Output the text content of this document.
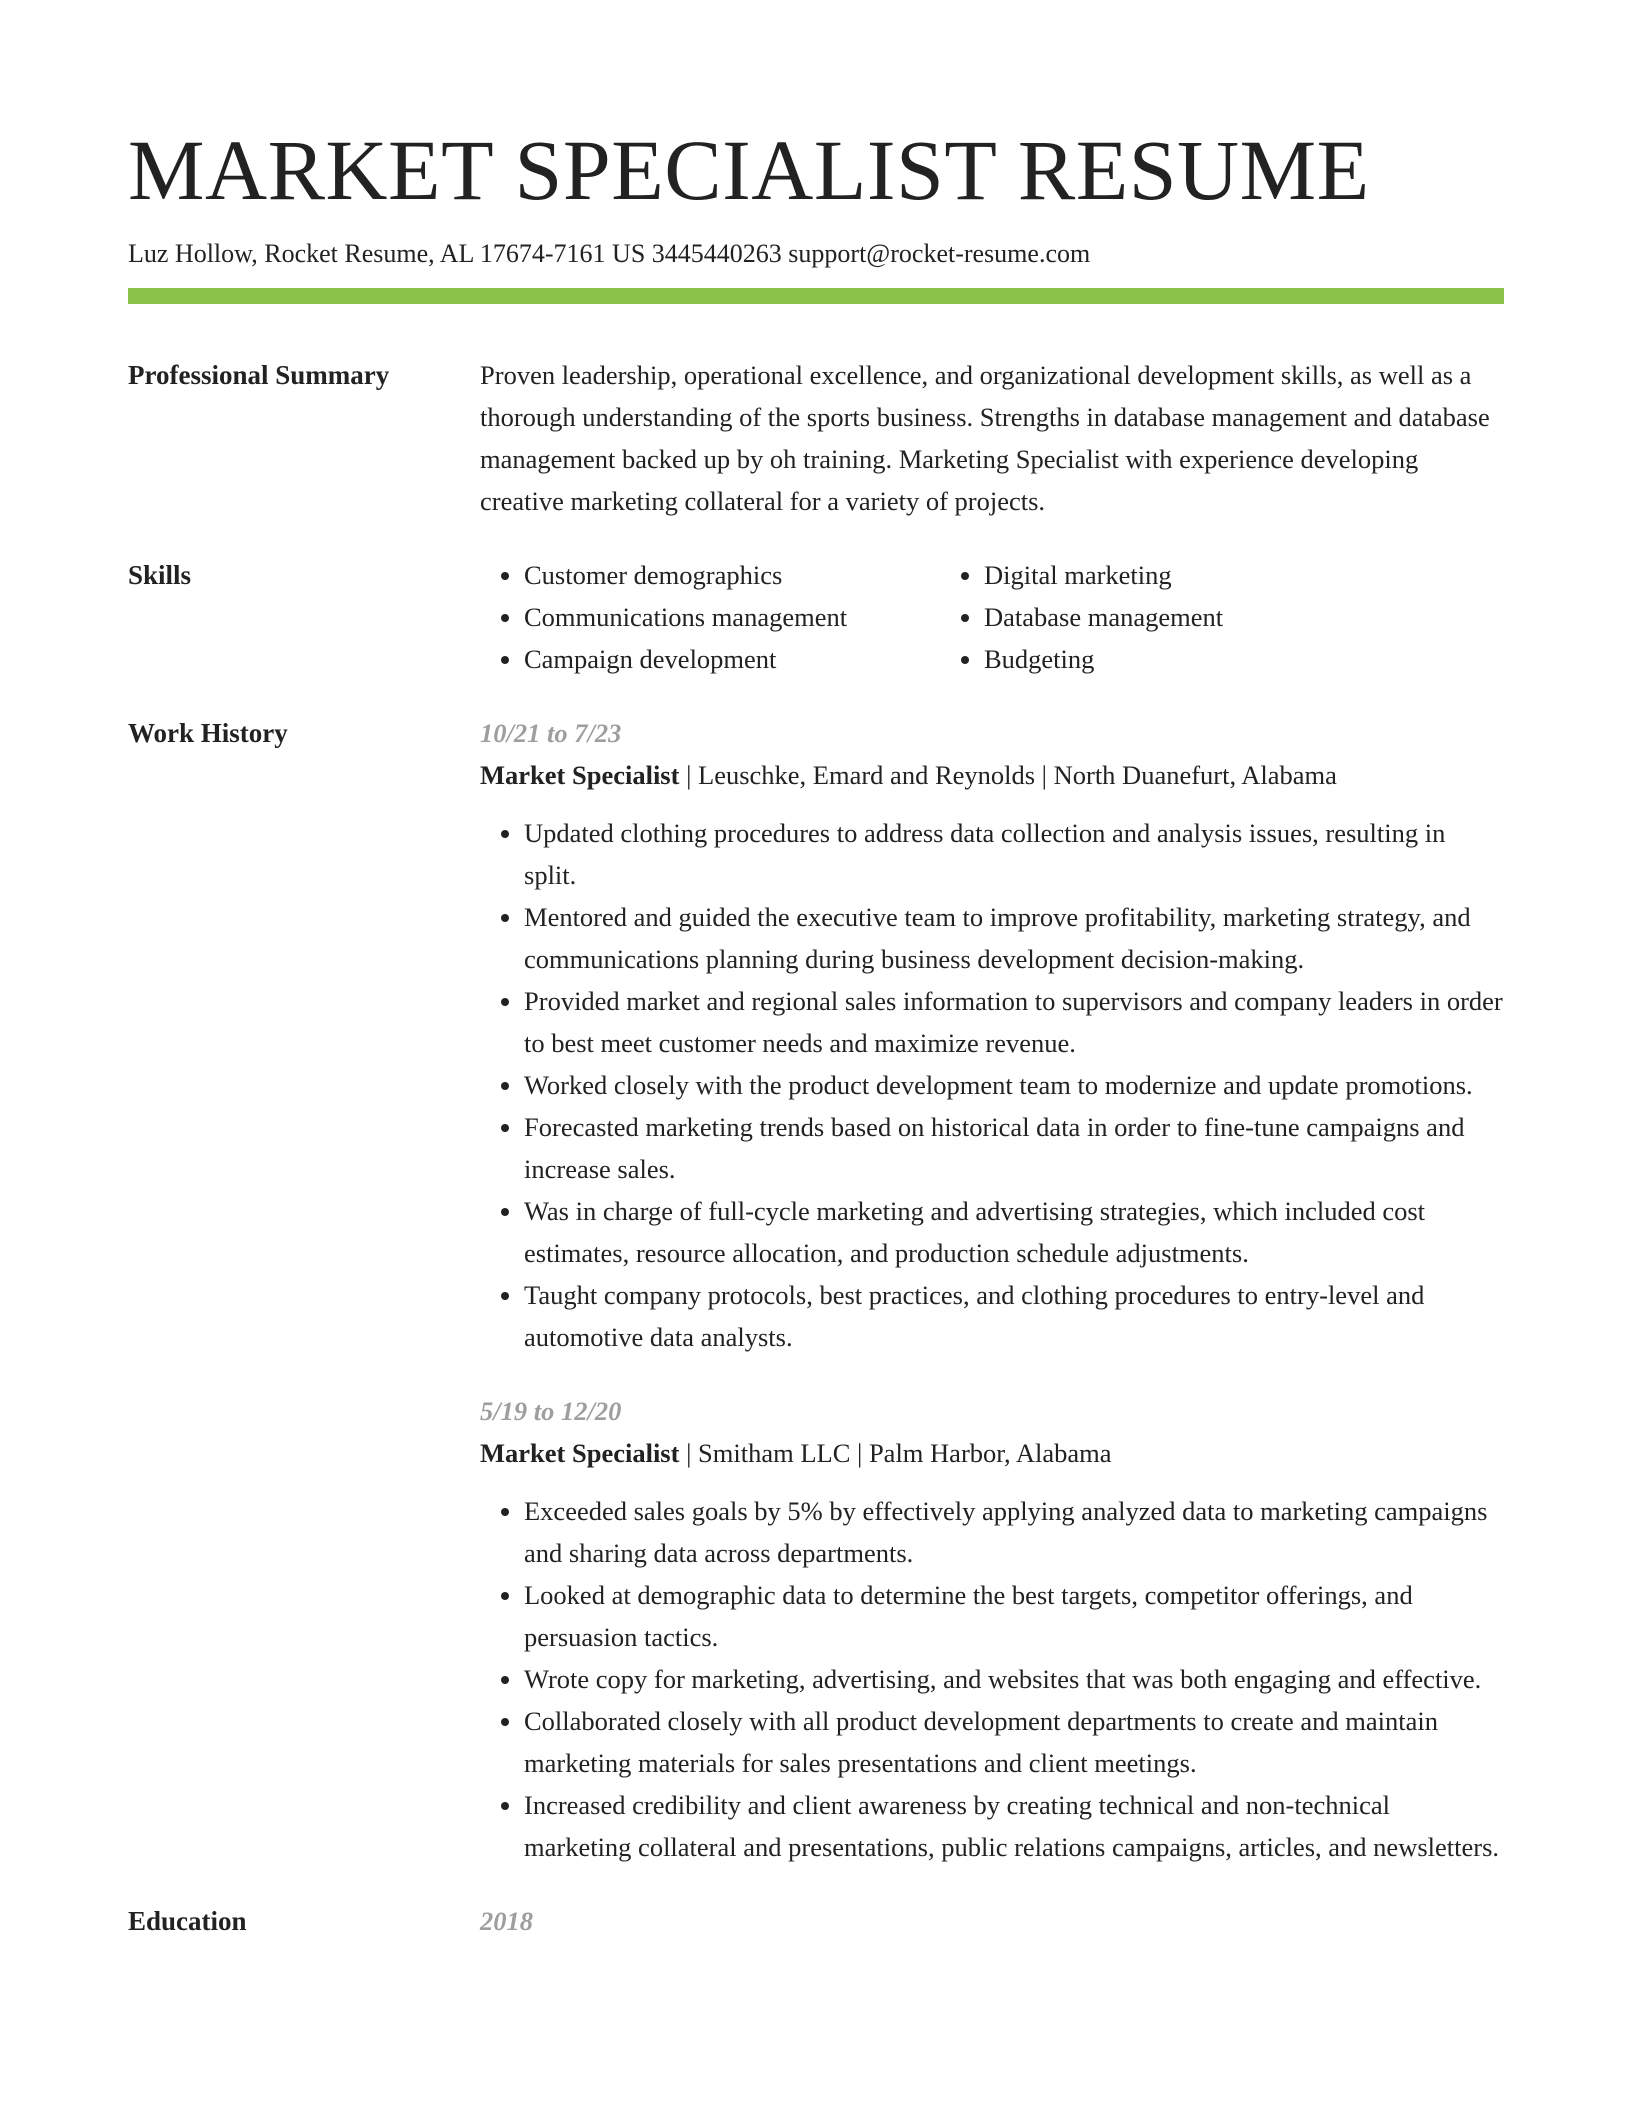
MARKET SPECIALIST RESUME
Luz Hollow, Rocket Resume, AL 17674-7161 US 3445440263 support@rocket-resume.com
Professional Summary	Proven leadership, operational excellence, and organizational development skills, as well as a thorough understanding of the sports business. Strengths in database management and database management backed up by oh training. Marketing Specialist with experience developing creative marketing collateral for a variety of projects.

Skills
•	Customer demographics
• Communications management
• Campaign development
• Digital marketing
• Database management
• Budgeting
Work History	10/21 to 7/23
Market Specialist | Leuschke, Emard and Reynolds | North Duanefurt, Alabama
• Updated clothing procedures to address data collection and analysis issues, resulting in split.
• Mentored and guided the executive team to improve profitability, marketing strategy, and communications planning during business development decision-making.
• Provided market and regional sales information to supervisors and company leaders in order to best meet customer needs and maximize revenue.
• Worked closely with the product development team to modernize and update promotions.
• Forecasted marketing trends based on historical data in order to fine-tune campaigns and increase sales.
• Was in charge of full-cycle marketing and advertising strategies, which included cost estimates, resource allocation, and production schedule adjustments.
• Taught company protocols, best practices, and clothing procedures to entry-level and automotive data analysts.
5/19 to 12/20
Market Specialist | Smitham LLC | Palm Harbor, Alabama
• Exceeded sales goals by 5% by effectively applying analyzed data to marketing campaigns and sharing data across departments.
• Looked at demographic data to determine the best targets, competitor offerings, and persuasion tactics.
• Wrote copy for marketing, advertising, and websites that was both engaging and effective.
• Collaborated closely with all product development departments to create and maintain marketing materials for sales presentations and client meetings.
• Increased credibility and client awareness by creating technical and non-technical marketing collateral and presentations, public relations campaigns, articles, and newsletters.
Education	2018
